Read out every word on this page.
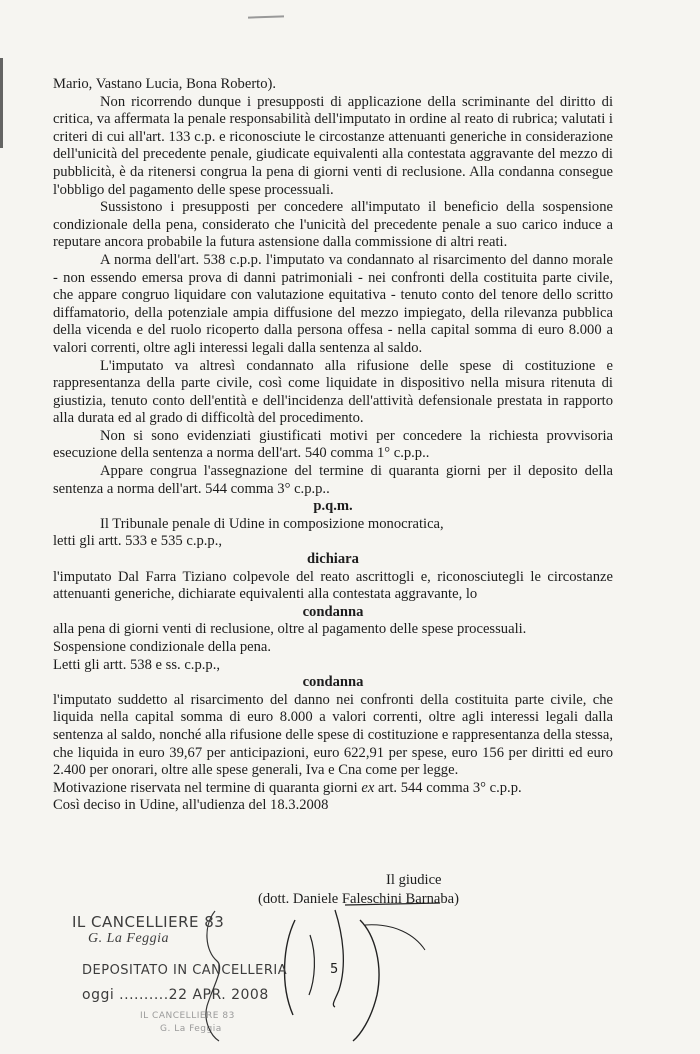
Mario, Vastano Lucia, Bona Roberto).

Non ricorrendo dunque i presupposti di applicazione della scriminante del diritto di critica, va affermata la penale responsabilità dell'imputato in ordine al reato di rubrica; valutati i criteri di cui all'art. 133 c.p. e riconosciute le circostanze attenuanti generiche in considerazione dell'unicità del precedente penale, giudicate equivalenti alla contestata aggravante del mezzo di pubblicità, è da ritenersi congrua la pena di giorni venti di reclusione. Alla condanna consegue l'obbligo del pagamento delle spese processuali.

Sussistono i presupposti per concedere all'imputato il beneficio della sospensione condizionale della pena, considerato che l'unicità del precedente penale a suo carico induce a reputare ancora probabile la futura astensione dalla commissione di altri reati.

A norma dell'art. 538 c.p.p. l'imputato va condannato al risarcimento del danno morale - non essendo emersa prova di danni patrimoniali - nei confronti della costituita parte civile, che appare congruo liquidare con valutazione equitativa - tenuto conto del tenore dello scritto diffamatorio, della potenziale ampia diffusione del mezzo impiegato, della rilevanza pubblica della vicenda e del ruolo ricoperto dalla persona offesa - nella capital somma di euro 8.000 a valori correnti, oltre agli interessi legali dalla sentenza al saldo.

L'imputato va altresì condannato alla rifusione delle spese di costituzione e rappresentanza della parte civile, così come liquidate in dispositivo nella misura ritenuta di giustizia, tenuto conto dell'entità e dell'incidenza dell'attività defensionale prestata in rapporto alla durata ed al grado di difficoltà del procedimento.

Non si sono evidenziati giustificati motivi per concedere la richiesta provvisoria esecuzione della sentenza a norma dell'art. 540 comma 1° c.p.p..

Appare congrua l'assegnazione del termine di quaranta giorni per il deposito della sentenza a norma dell'art. 544 comma 3° c.p.p..

p.q.m.

Il Tribunale penale di Udine in composizione monocratica,

letti gli artt. 533 e 535 c.p.p.,

dichiara

l'imputato Dal Farra Tiziano colpevole del reato ascrittogli e, riconosciutegli le circostanze attenuanti generiche, dichiarate equivalenti alla contestata aggravante, lo

condanna

alla pena di giorni venti di reclusione, oltre al pagamento delle spese processuali.

Sospensione condizionale della pena.

Letti gli artt. 538 e ss. c.p.p.,

condanna

l'imputato suddetto al risarcimento del danno nei confronti della costituita parte civile, che liquida nella capital somma di euro 8.000 a valori correnti, oltre agli interessi legali dalla sentenza al saldo, nonché alla rifusione delle spese di costituzione e rappresentanza della stessa, che liquida in euro 39,67 per anticipazioni, euro 622,91 per spese, euro 156 per diritti ed euro 2.400 per onorari, oltre alle spese generali, Iva e Cna come per legge.

Motivazione riservata nel termine di quaranta giorni ex art. 544 comma 3° c.p.p.

Così deciso in Udine, all'udienza del 18.3.2008

Il giudice
(dott. Daniele Faleschini Barnaba)
IL CANCELLIERE 83
G. La Feggia
DEPOSITATO IN CANCELLERIA
oggi ..........22 APR. 2008
IL CANCELLIERE 83
G. La Feggia
5
